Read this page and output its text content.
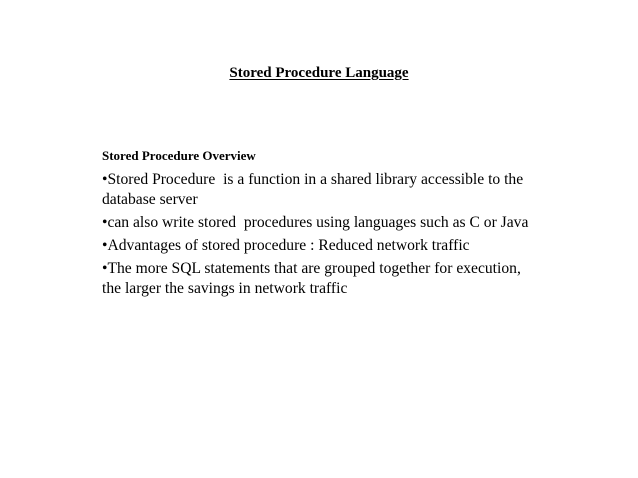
Stored Procedure Language

Stored Procedure Overview

•Stored Procedure  is a function in a shared library accessible to the database server

•can also write stored  procedures using languages such as C or Java

•Advantages of stored procedure : Reduced network traffic

•The more SQL statements that are grouped together for execution, the larger the savings in network traffic
